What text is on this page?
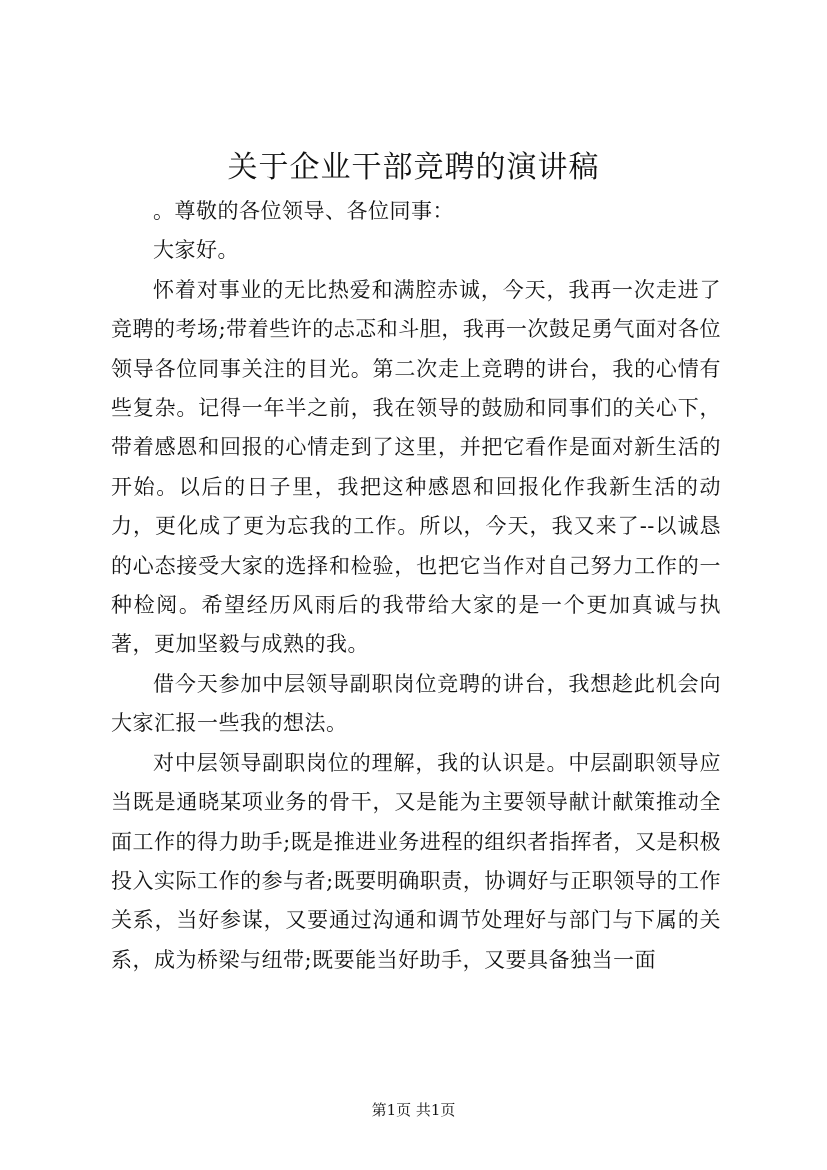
关于企业干部竞聘的演讲稿

。尊敬的各位领导、各位同事：

大家好。

怀着对事业的无比热爱和满腔赤诚，今天，我再一次走进了竞聘的考场;带着些许的忐忑和斗胆，我再一次鼓足勇气面对各位领导各位同事关注的目光。第二次走上竞聘的讲台，我的心情有些复杂。记得一年半之前，我在领导的鼓励和同事们的关心下，带着感恩和回报的心情走到了这里，并把它看作是面对新生活的开始。以后的日子里，我把这种感恩和回报化作我新生活的动力，更化成了更为忘我的工作。所以，今天，我又来了--以诚恳的心态接受大家的选择和检验，也把它当作对自己努力工作的一种检阅。希望经历风雨后的我带给大家的是一个更加真诚与执著，更加坚毅与成熟的我。

借今天参加中层领导副职岗位竞聘的讲台，我想趁此机会向大家汇报一些我的想法。

对中层领导副职岗位的理解，我的认识是。中层副职领导应当既是通晓某项业务的骨干，又是能为主要领导献计献策推动全面工作的得力助手;既是推进业务进程的组织者指挥者，又是积极投入实际工作的参与者;既要明确职责，协调好与正职领导的工作关系，当好参谋，又要通过沟通和调节处理好与部门与下属的关系，成为桥梁与纽带;既要能当好助手，又要具备独当一面

第1页 共1页
